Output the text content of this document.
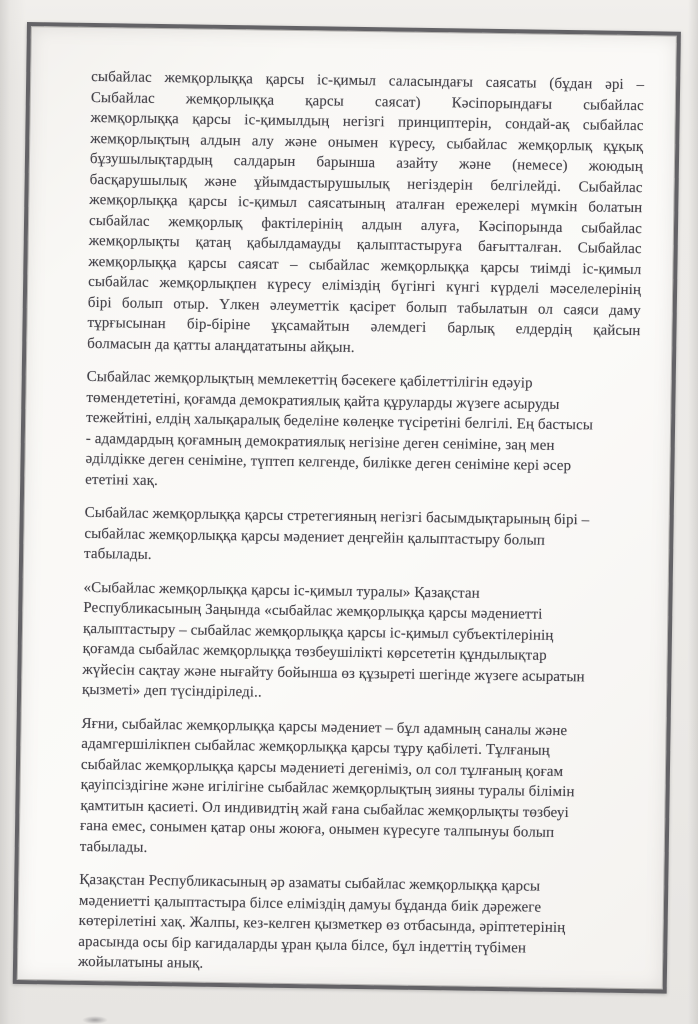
сыбайлас жемқорлыққа қарсы іс-қимыл саласындағы саясаты (бұдан әрі –
Сыбайлас жемқорлыққа қарсы саясат) Кәсіпорындағы сыбайлас
жемқорлыққа қарсы іс-қимылдың негізгі принциптерін, сондай-ақ сыбайлас
жемқорлықтың алдын алу және онымен күресу, сыбайлас жемқорлық құқық
бұзушылықтардың салдарын барынша азайту және (немесе) жоюдың
басқарушылық және ұйымдастырушылық негіздерін белгілейді. Сыбайлас
жемқорлыққа қарсы іс-қимыл саясатының аталған ережелері мүмкін болатын
сыбайлас жемқорлық фактілерінің алдын алуға, Кәсіпорында сыбайлас
жемқорлықты қатаң қабылдамауды қалыптастыруға бағытталған. Сыбайлас
жемқорлыққа қарсы саясат – сыбайлас жемқорлыққа қарсы тиімді іс-қимыл
сыбайлас жемқорлықпен күресу еліміздің бүгінгі күнгі күрделі мәселелерінің
бірі болып отыр. Үлкен әлеуметтік қасірет болып табылатын ол саяси даму
тұрғысынан бір-біріне ұқсамайтын әлемдегі барлық елдердің қайсын
болмасын да қатты алаңдататыны айқын.
Сыбайлас жемқорлықтың мемлекеттің бәсекеге қабілеттілігін едәуір
төмендететіні, қоғамда демократиялық қайта құруларды жүзеге асыруды
тежейтіні, елдің халықаралық беделіне көлеңке түсіретіні белгілі. Ең бастысы
- адамдардың қоғамның демократиялық негізіне деген сеніміне, заң мен
әділдікке деген сеніміне, түптеп келгенде, билікке деген сеніміне кері әсер
ететіні хақ.
Сыбайлас жемқорлыққа қарсы стретегияның негізгі басымдықтарының бірі –
сыбайлас жемқорлыққа қарсы мәдениет деңгейін қалыптастыру болып
табылады.
«Сыбайлас жемқорлыққа қарсы іс-қимыл туралы» Қазақстан
Республикасының Заңында «сыбайлас жемқорлыққа қарсы мәдениетті
қалыптастыру – сыбайлас жемқорлыққа қарсы іс-қимыл субъектілерінің
қоғамда сыбайлас жемқорлыққа төзбеушілікті көрсететін құндылықтар
жүйесін сақтау және нығайту бойынша өз құзыреті шегінде жүзеге асыратын
қызметі» деп түсіндіріледі..
Яғни, сыбайлас жемқорлыққа қарсы мәдениет – бұл адамның саналы және
адамгершілікпен сыбайлас жемқорлыққа қарсы тұру қабілеті. Тұлғаның
сыбайлас жемқорлыққа қарсы мәдениеті дегеніміз, ол сол тұлғаның қоғам
қауіпсіздігіне және игілігіне сыбайлас жемқорлықтың зияны туралы білімін
қамтитын қасиеті. Ол индивидтің жай ғана сыбайлас жемқорлықты төзбеуі
ғана емес, сонымен қатар оны жоюға, онымен күресуге талпынуы болып
табылады.
Қазақстан Республикасының әр азаматы сыбайлас жемқорлыққа қарсы
мәдениетті қалыптастыра білсе еліміздің дамуы бұданда биік дәрежеге
көтерілетіні хақ. Жалпы, кез-келген қызметкер өз отбасында, әріптетерінің
арасында осы бір кагидаларды ұран қыла білсе, бұл індеттің түбімен
жойылатыны анық.
